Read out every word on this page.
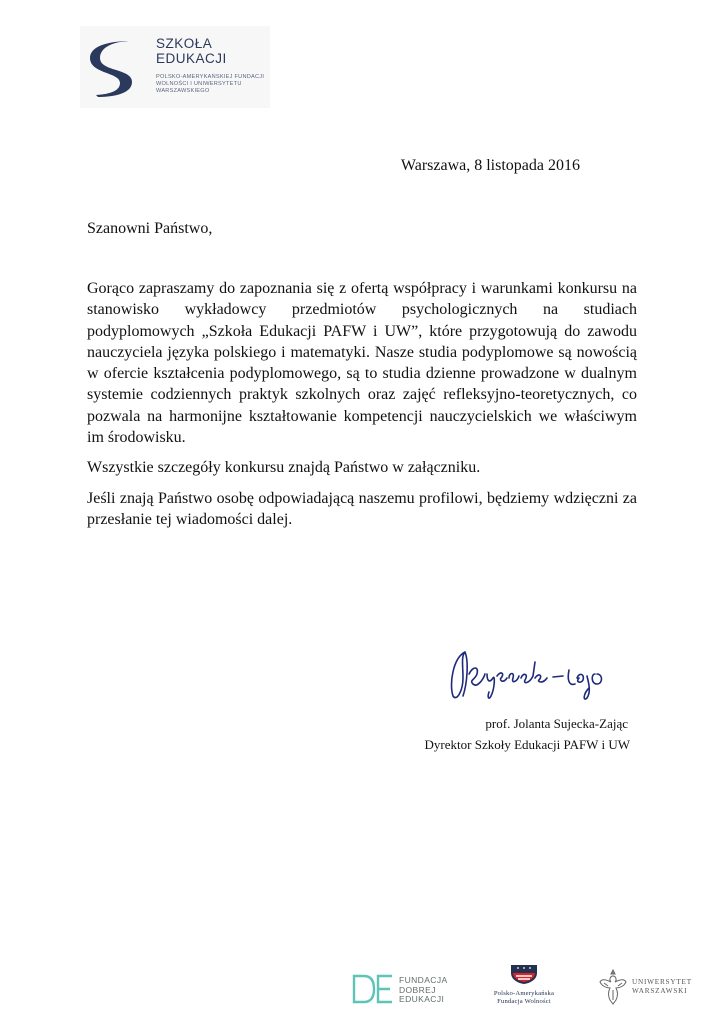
SZKOŁA
EDUKACJI
POLSKO-AMERYKAŃSKIEJ FUNDACJI
WOLNOŚCI I UNIWERSYTETU
WARSZAWSKIEGO
Warszawa, 8 listopada 2016
Szanowni Państwo,

Gorąco zapraszamy do zapoznania się z ofertą współpracy i warunkami konkursu na stanowisko wykładowcy przedmiotów psychologicznych na studiach podyplomowych „Szkoła Edukacji PAFW i UW”, które przygotowują do zawodu nauczyciela języka polskiego i matematyki. Nasze studia podyplomowe są nowością w ofercie kształcenia podyplomowego, są to studia dzienne prowadzone w dualnym systemie codziennych praktyk szkolnych oraz zajęć refleksyjno-teoretycznych, co pozwala na harmonijne kształtowanie kompetencji nauczycielskich we właściwym im środowisku.

Wszystkie szczegóły konkursu znajdą Państwo w załączniku.

Jeśli znają Państwo osobę odpowiadającą naszemu profilowi, będziemy wdzięczni za przesłanie tej wiadomości dalej.

prof. Jolanta Sujecka-Zając
Dyrektor Szkoły Edukacji PAFW i UW
FUNDACJA
DOBREJ
EDUKACJI
Polsko-Amerykańska
Fundacja Wolności
UNIWERSYTET
WARSZAWSKI
